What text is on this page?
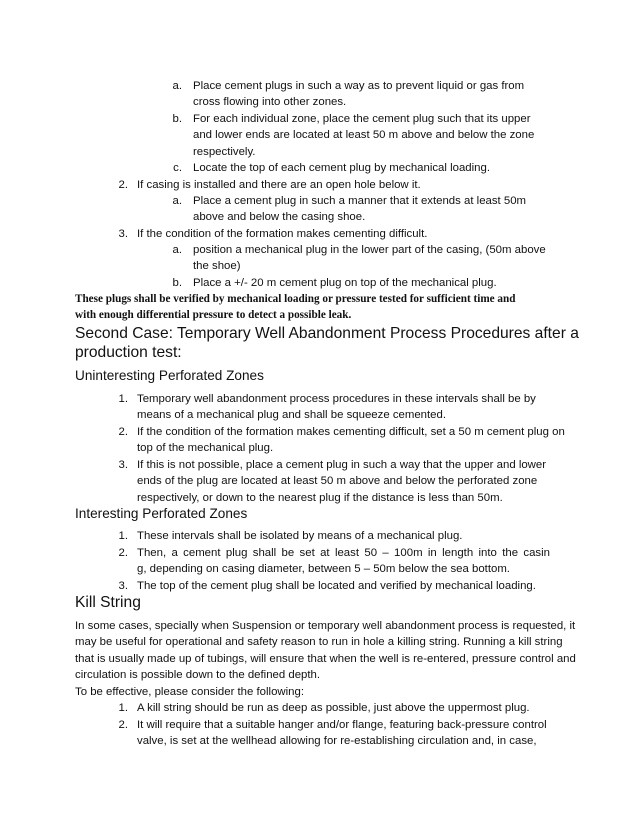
a. Place cement plugs in such a way as to prevent liquid or gas from
cross flowing into other zones.
b. For each individual zone, place the cement plug such that its upper
and lower ends are located at least 50 m above and below the zone
respectively.
c. Locate the top of each cement plug by mechanical loading.
2. If casing is installed and there are an open hole below it.
a. Place a cement plug in such a manner that it extends at least 50m
above and below the casing shoe.
3. If the condition of the formation makes cementing difficult.
a. position a mechanical plug in the lower part of the casing, (50m above
the shoe)
b. Place a +/- 20 m cement plug on top of the mechanical plug.
These plugs shall be verified by mechanical loading or pressure tested for sufficient time and
with enough differential pressure to detect a possible leak.
Second Case: Temporary Well Abandonment Process Procedures after a
production test:
Uninteresting Perforated Zones
1. Temporary well abandonment process procedures in these intervals shall be by
means of a mechanical plug and shall be squeeze cemented.
2. If the condition of the formation makes cementing difficult, set a 50 m cement plug on
top of the mechanical plug.
3. If this is not possible, place a cement plug in such a way that the upper and lower
ends of the plug are located at least 50 m above and below the perforated zone
respectively, or down to the nearest plug if the distance is less than 50m.
Interesting Perforated Zones
1. These intervals shall be isolated by means of a mechanical plug.
2. Then, a cement plug shall be set at least 50 – 100m in length into the casin
g, depending on casing diameter, between 5 – 50m below the sea bottom.
3. The top of the cement plug shall be located and verified by mechanical loading.
Kill String
In some cases, specially when Suspension or temporary well abandonment process is requested, it
may be useful for operational and safety reason to run in hole a killing string. Running a kill string
that is usually made up of tubings, will ensure that when the well is re-entered, pressure control and
circulation is possible down to the defined depth.
To be effective, please consider the following:
1. A kill string should be run as deep as possible, just above the uppermost plug.
2. It will require that a suitable hanger and/or flange, featuring back-pressure control
valve, is set at the wellhead allowing for re-establishing circulation and, in case,
